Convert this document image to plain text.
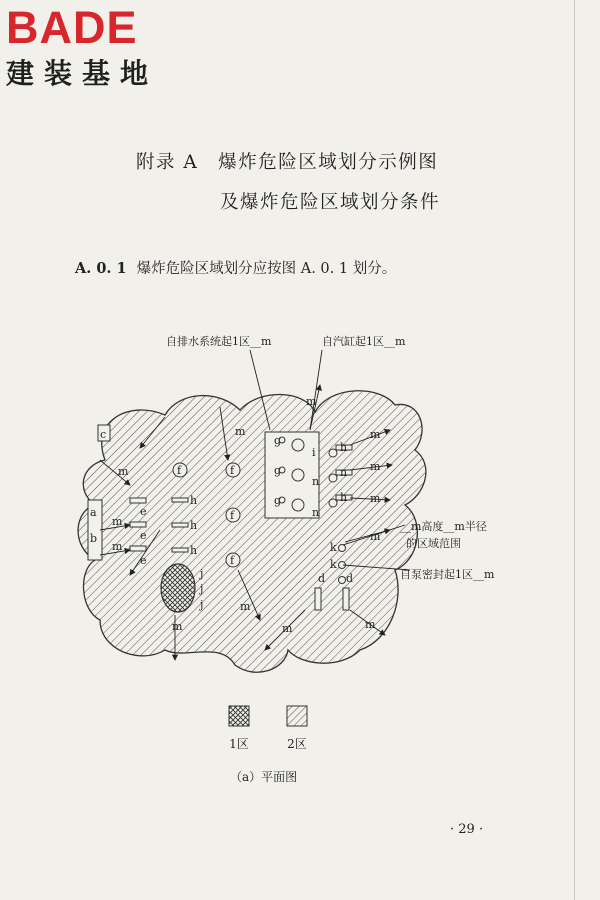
BADE
建装基地
附录 A　爆炸危险区域划分示例图
及爆炸危险区域划分条件
A. 0. 1 爆炸危险区域划分应按图 A. 0. 1 划分。
c
a
b
e
e
e
h
h
h
f	f
f
f
g
g
g
i
n
n
h
n
h
k
k
j
j
j
d d
m
m
m
m
m
m
m	m
m
m
m
m
m
自排水系统起1区__m	自汽缸起1区__m
__m高度__m半径
的区域范围
自泵密封起1区__m
1区	2区
（a）平面图
· 29 ·
